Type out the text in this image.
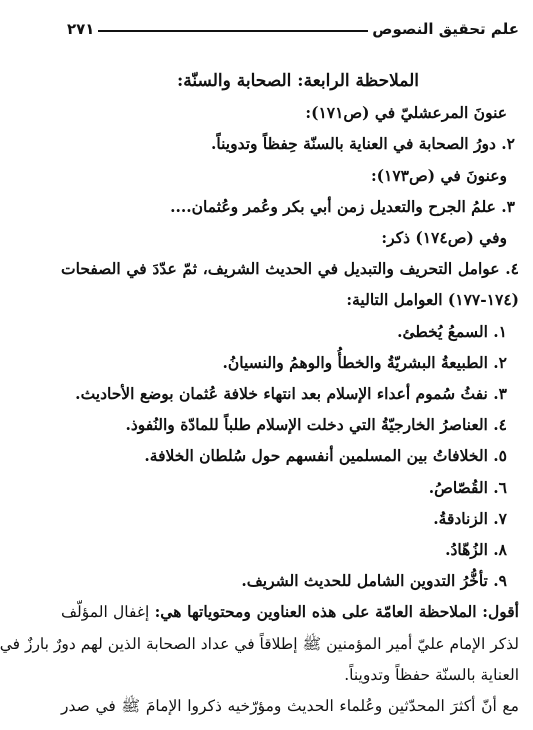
علم تحقيق النصوص
٢٧١
الملاحظة الرابعة: الصحابة والسنّة:
عنونَ المرعشليّ في (ص١٧١):
٢. دورُ الصحابة في العناية بالسنّة حِفظاً وتدويناً.
وعنونَ في (ص١٧٣):
٣. علمُ الجرح والتعديل زمن أبي بكر وعُمر وعُثمان....
وفي (ص١٧٤) ذكر:
٤. عوامل التحريف والتبديل في الحديث الشريف، ثمّ عدّدَ في الصفحات
(١٧٤-١٧٧) العوامل التالية:
١. السمعُ يُخطئ.
٢. الطبيعةُ البشريّةُ والخطأُ والوهمُ والنسيانُ.
٣. نفثُ سُموم أعداء الإسلام بعد انتهاء خلافة عُثمان بوضع الأحاديث.
٤. العناصرُ الخارجيّةُ التي دخلت الإسلام طلباً للمادّة والنُفوذ.
٥. الخلافاتُ بين المسلمين أنفسهم حول سُلطان الخلافة.
٦. القُصّاصُ.
٧. الزنادقةُ.
٨. الزُهّادُ.
٩. تأخُّرُ التدوين الشامل للحديث الشريف.
أقول: الملاحظة العامّة على هذه العناوين ومحتوياتها هي: إغفال المؤلّف
لذكر الإمام عليّ أمير المؤمنين ﷺ إطلاقاً في عداد الصحابة الذين لهم دورٌ بارزٌ في
العناية بالسنّة حفظاً وتدويناً.
مع أنّ أكثرَ المحدّثين وعُلماء الحديث ومؤرّخيه ذكروا الإمامَ ﷺ في صدر
